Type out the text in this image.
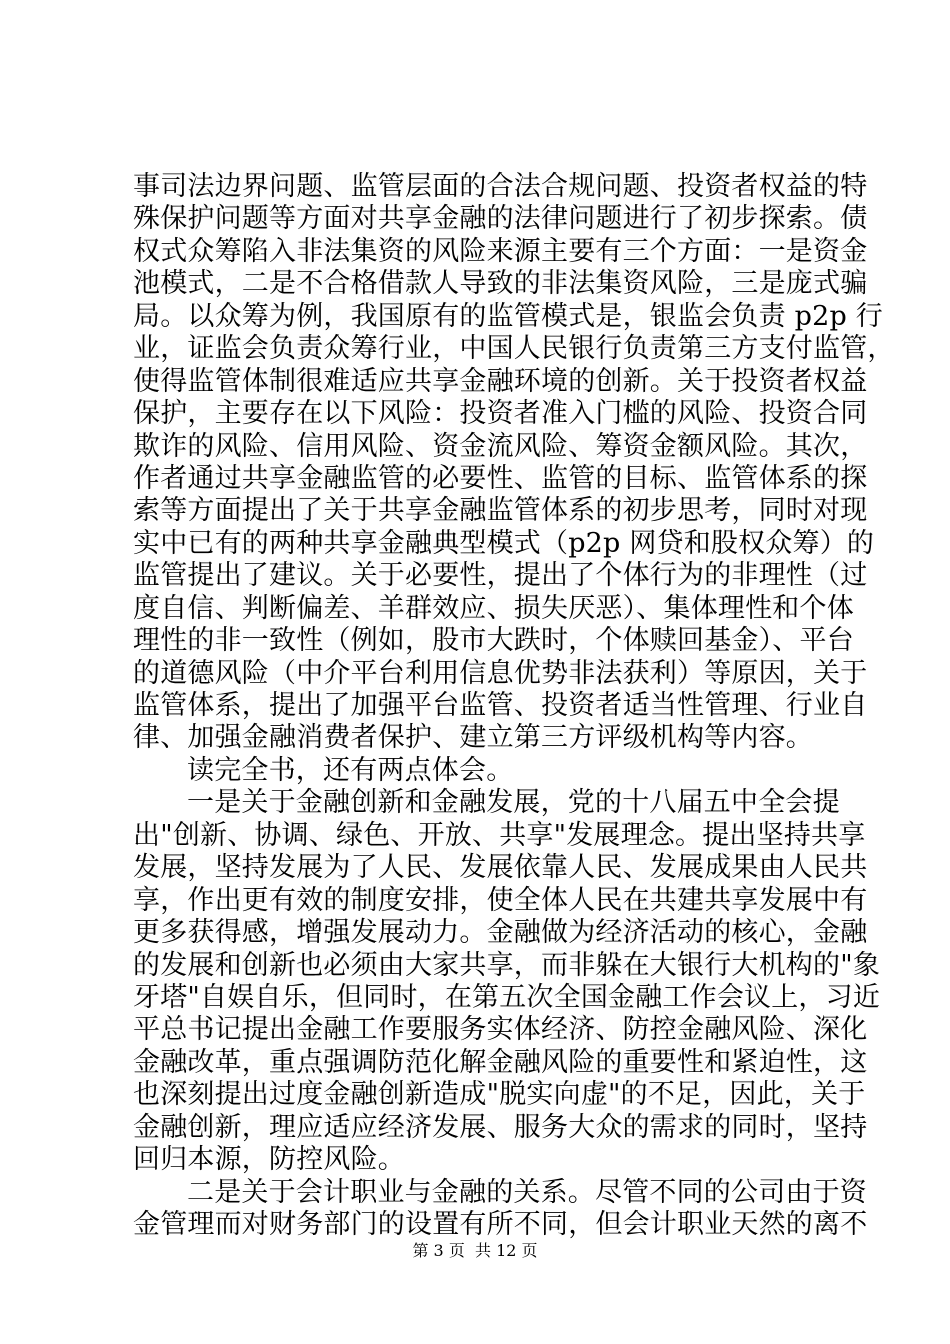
事司法边界问题、监管层面的合法合规问题、投资者权益的特
殊保护问题等方面对共享金融的法律问题进行了初步探索。债
权式众筹陷入非法集资的风险来源主要有三个方面：一是资金
池模式，二是不合格借款人导致的非法集资风险，三是庞式骗
局。以众筹为例，我国原有的监管模式是，银监会负责 p2p 行
业，证监会负责众筹行业，中国人民银行负责第三方支付监管，
使得监管体制很难适应共享金融环境的创新。关于投资者权益
保护，主要存在以下风险：投资者准入门槛的风险、投资合同
欺诈的风险、信用风险、资金流风险、筹资金额风险。其次，
作者通过共享金融监管的必要性、监管的目标、监管体系的探
索等方面提出了关于共享金融监管体系的初步思考，同时对现
实中已有的两种共享金融典型模式（p2p 网贷和股权众筹）的
监管提出了建议。关于必要性，提出了个体行为的非理性（过
度自信、判断偏差、羊群效应、损失厌恶）、集体理性和个体
理性的非一致性（例如，股市大跌时，个体赎回基金）、平台
的道德风险（中介平台利用信息优势非法获利）等原因，关于
监管体系，提出了加强平台监管、投资者适当性管理、行业自
律、加强金融消费者保护、建立第三方评级机构等内容。
读完全书，还有两点体会。
一是关于金融创新和金融发展，党的十八届五中全会提
出"创新、协调、绿色、开放、共享"发展理念。提出坚持共享
发展，坚持发展为了人民、发展依靠人民、发展成果由人民共
享，作出更有效的制度安排，使全体人民在共建共享发展中有
更多获得感，增强发展动力。金融做为经济活动的核心，金融
的发展和创新也必须由大家共享，而非躲在大银行大机构的"象
牙塔"自娱自乐，但同时，在第五次全国金融工作会议上，习近
平总书记提出金融工作要服务实体经济、防控金融风险、深化
金融改革，重点强调防范化解金融风险的重要性和紧迫性，这
也深刻提出过度金融创新造成"脱实向虚"的不足，因此，关于
金融创新，理应适应经济发展、服务大众的需求的同时，坚持
回归本源，防控风险。
二是关于会计职业与金融的关系。尽管不同的公司由于资
金管理而对财务部门的设置有所不同，但会计职业天然的离不
第 3 页  共 12 页
